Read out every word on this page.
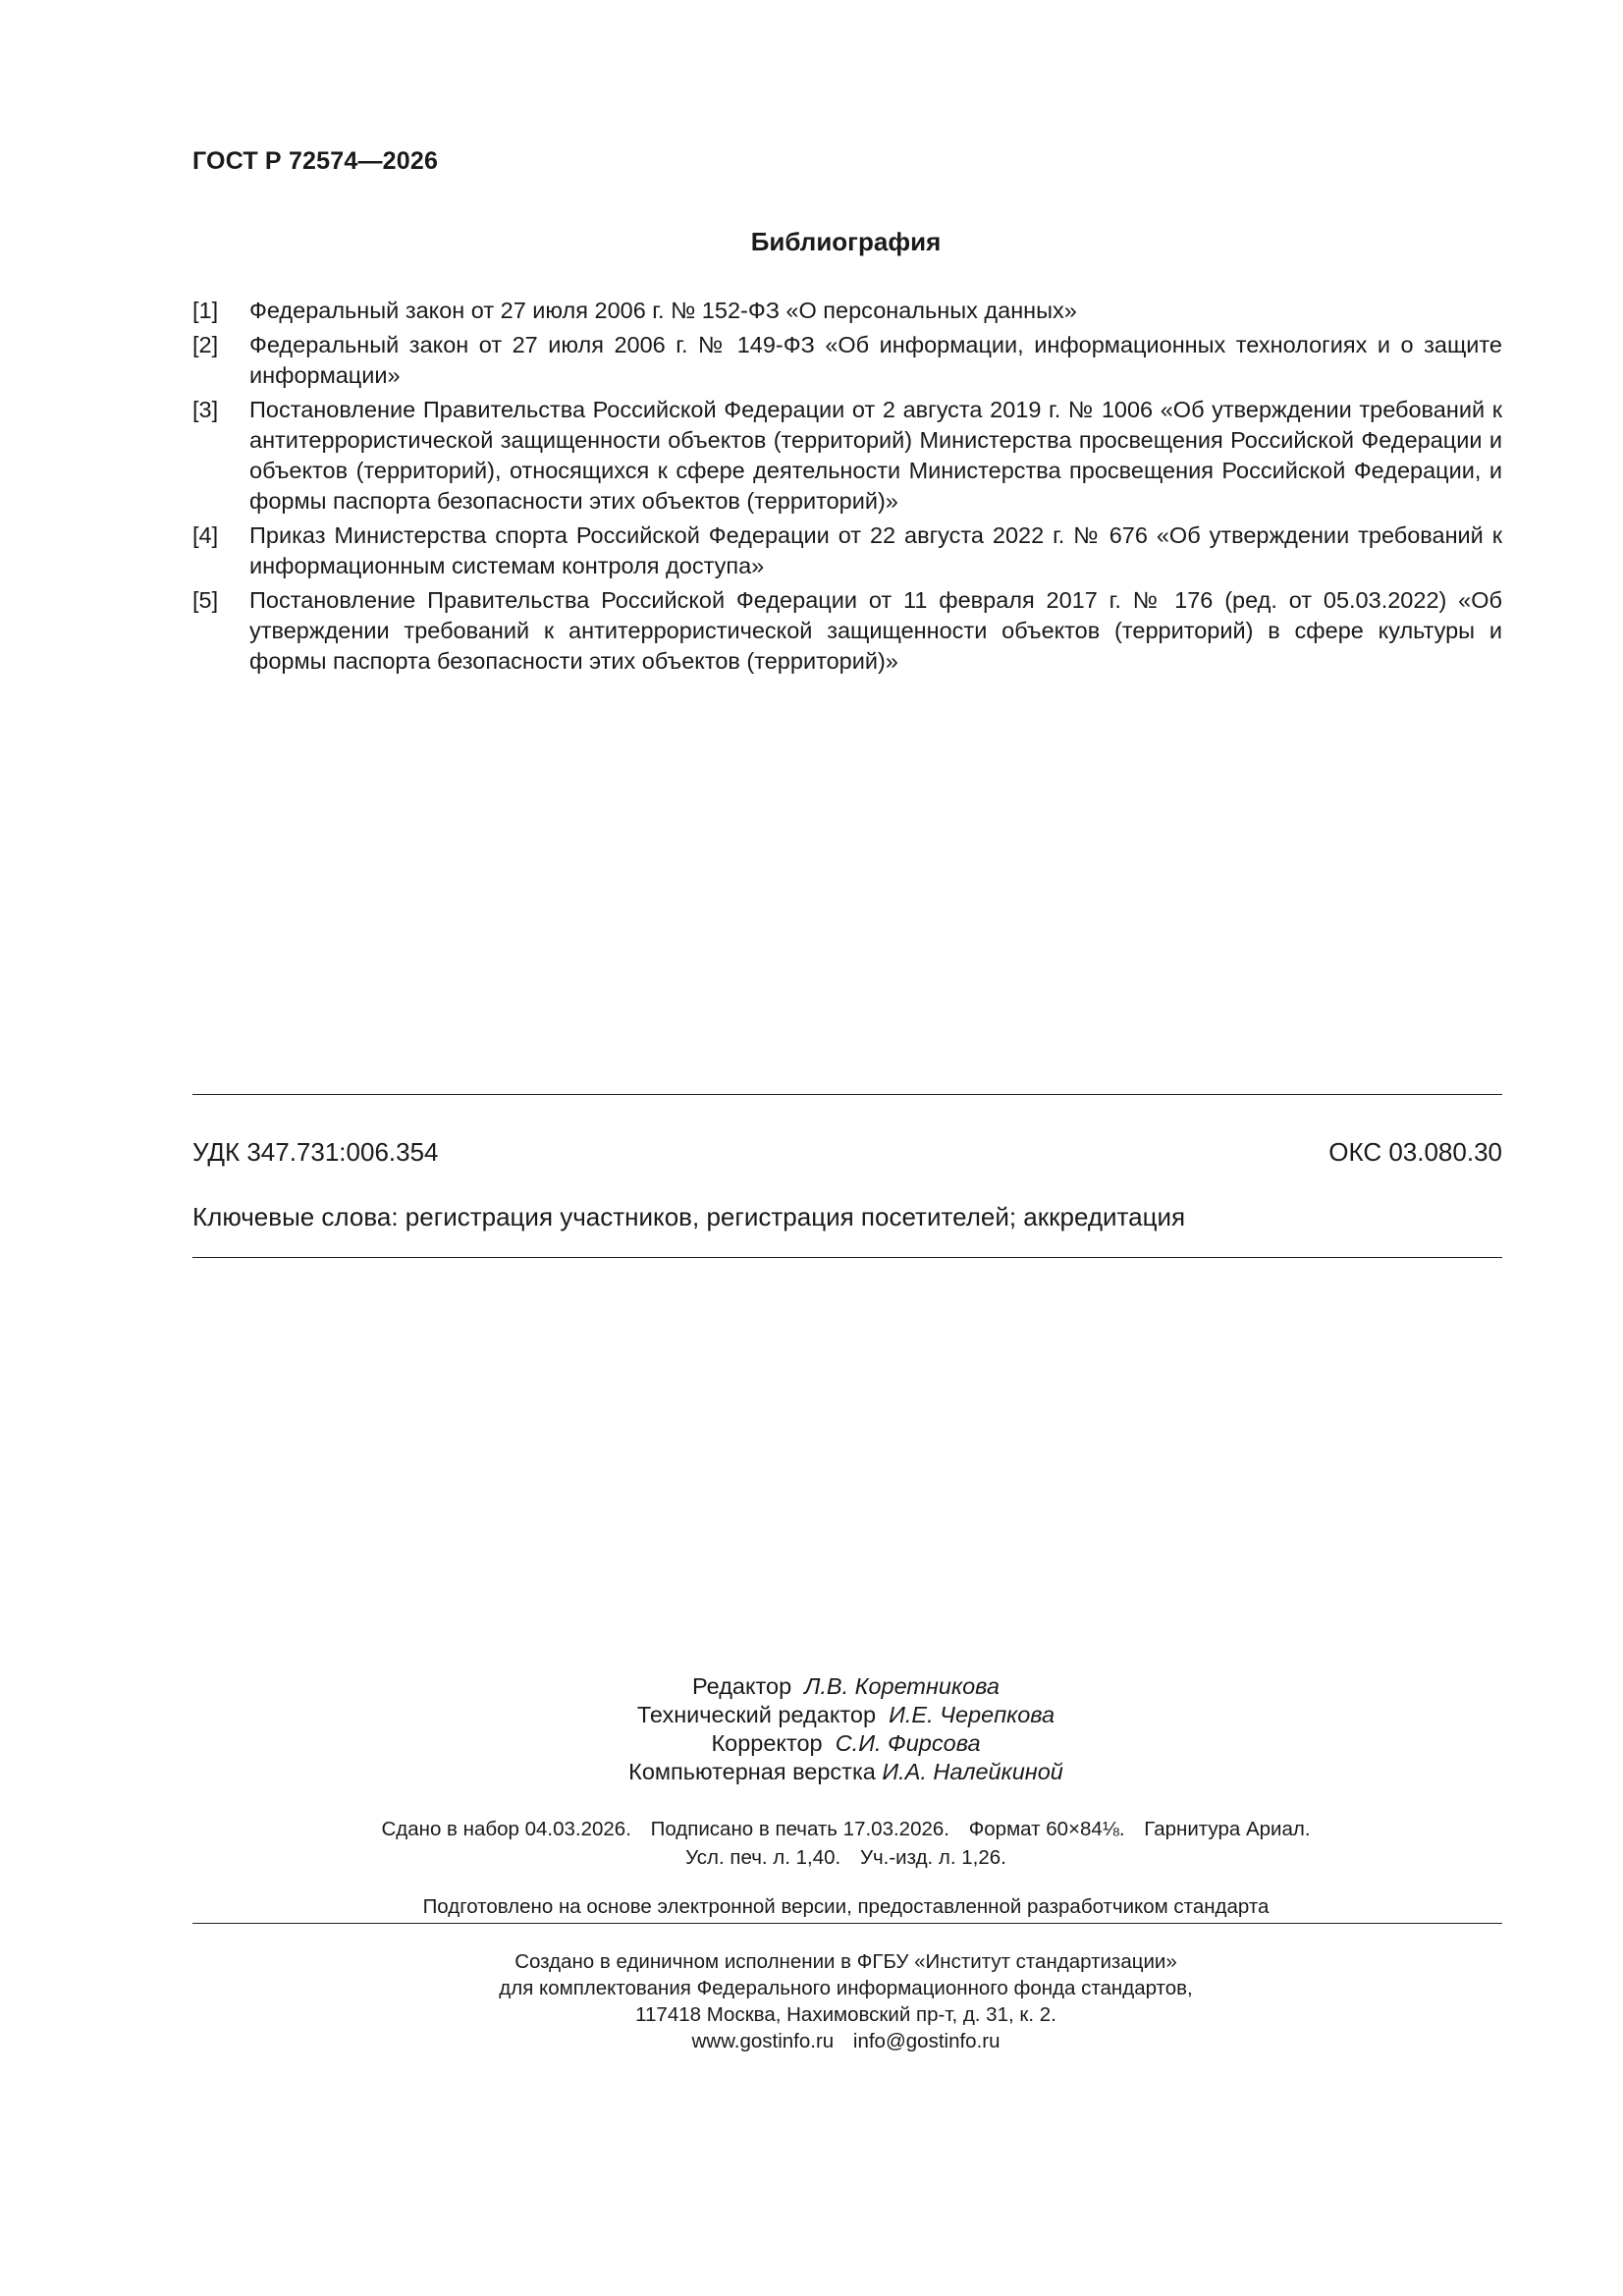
ГОСТ Р 72574—2026
Библиография
[1]	Федеральный закон от 27 июля 2006 г. № 152-ФЗ «О персональных данных»
[2]	Федеральный закон от 27 июля 2006 г. № 149-ФЗ «Об информации, информационных технологиях и о защите информации»
[3]	Постановление Правительства Российской Федерации от 2 августа 2019 г. № 1006 «Об утверждении требований к антитеррористической защищенности объектов (территорий) Министерства просвещения Российской Федерации и объектов (территорий), относящихся к сфере деятельности Министерства просвещения Российской Федерации, и формы паспорта безопасности этих объектов (территорий)»
[4]	Приказ Министерства спорта Российской Федерации от 22 августа 2022 г. № 676 «Об утверждении требований к информационным системам контроля доступа»
[5]	Постановление Правительства Российской Федерации от 11 февраля 2017 г. № 176 (ред. от 05.03.2022) «Об утверждении требований к антитеррористической защищенности объектов (территорий) в сфере культуры и формы паспорта безопасности этих объектов (территорий)»
УДК 347.731:006.354	ОКС 03.080.30
Ключевые слова: регистрация участников, регистрация посетителей; аккредитация
Редактор Л.В. Коретникова
Технический редактор И.Е. Черепкова
Корректор С.И. Фирсова
Компьютерная верстка И.А. Налейкиной
Сдано в набор 04.03.2026. Подписано в печать 17.03.2026. Формат 60×84⅛. Гарнитура Ариал.
Усл. печ. л. 1,40. Уч.-изд. л. 1,26.
Подготовлено на основе электронной версии, предоставленной разработчиком стандарта
Создано в единичном исполнении в ФГБУ «Институт стандартизации»
для комплектования Федерального информационного фонда стандартов,
117418 Москва, Нахимовский пр-т, д. 31, к. 2.
www.gostinfo.ru info@gostinfo.ru
